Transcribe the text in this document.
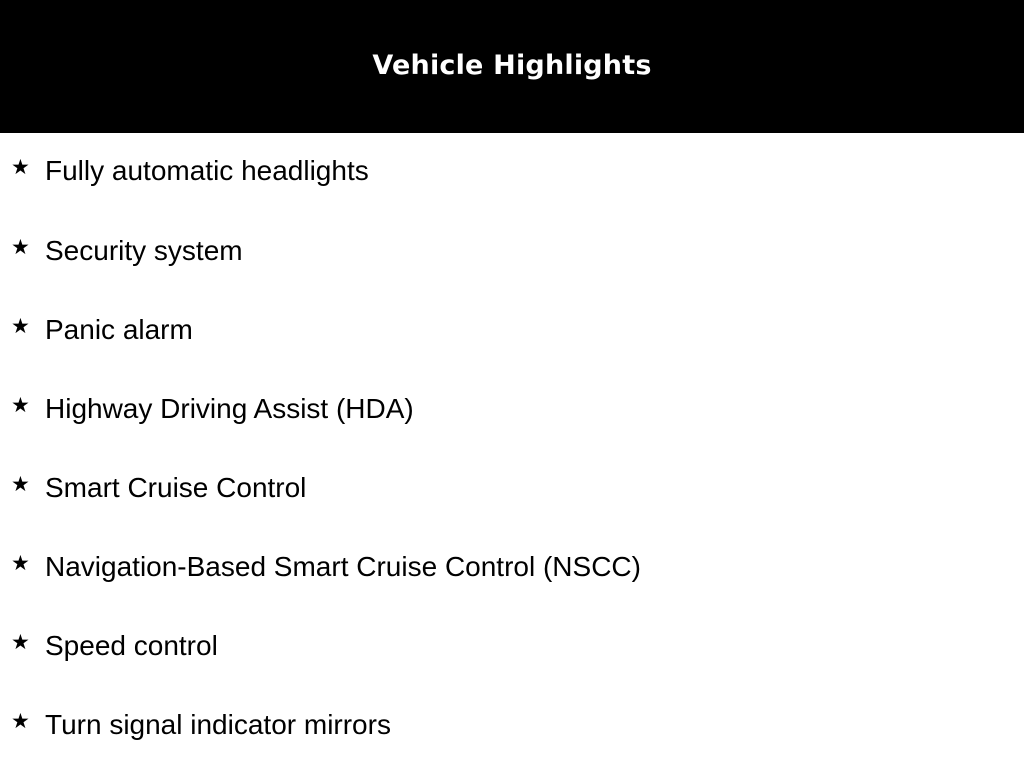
Vehicle Highlights
★ Fully automatic headlights
★ Security system
★ Panic alarm
★ Highway Driving Assist (HDA)
★ Smart Cruise Control
★ Navigation-Based Smart Cruise Control (NSCC)
★ Speed control
★ Turn signal indicator mirrors
